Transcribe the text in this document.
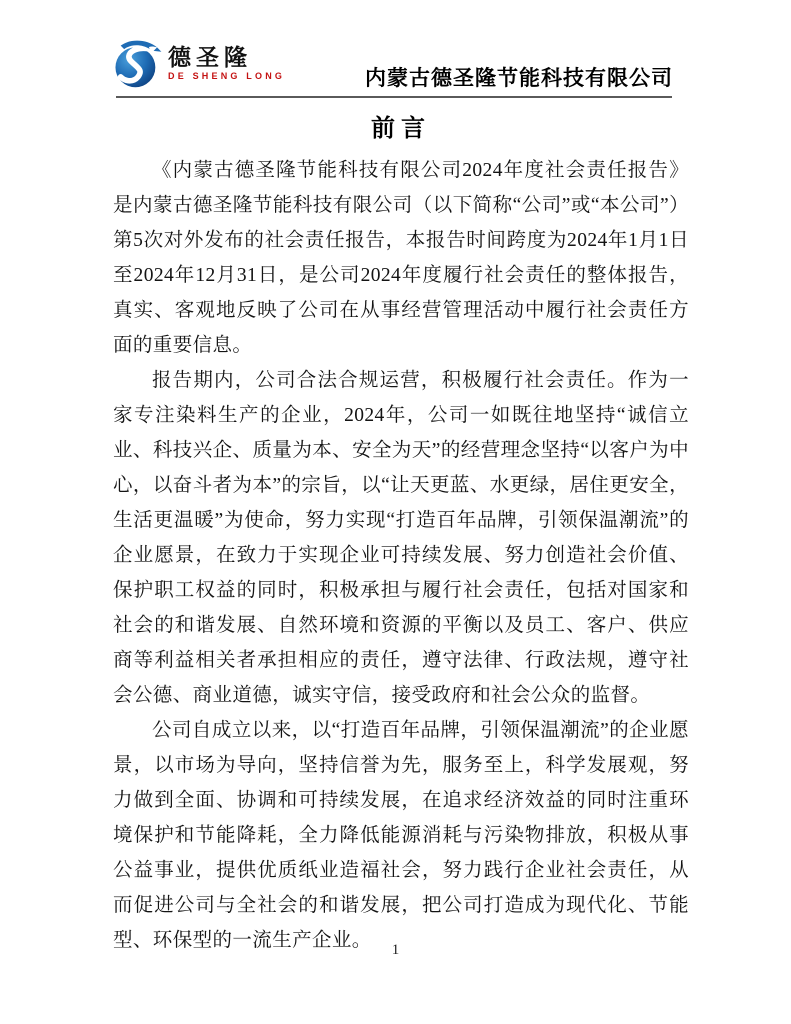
德圣隆
DE SHENG LONG	内蒙古德圣隆节能科技有限公司
前言

《内蒙古德圣隆节能科技有限公司2024年度社会责任报告》是内蒙古德圣隆节能科技有限公司（以下简称“公司”或“本公司”）第5次对外发布的社会责任报告，本报告时间跨度为2024年1月1日至2024年12月31日，是公司2024年度履行社会责任的整体报告，真实、客观地反映了公司在从事经营管理活动中履行社会责任方面的重要信息。

报告期内，公司合法合规运营，积极履行社会责任。作为一家专注染料生产的企业，2024年，公司一如既往地坚持“诚信立业、科技兴企、质量为本、安全为天”的经营理念坚持“以客户为中心，以奋斗者为本”的宗旨，以“让天更蓝、水更绿，居住更安全，生活更温暖”为使命，努力实现“打造百年品牌，引领保温潮流”的企业愿景，在致力于实现企业可持续发展、努力创造社会价值、保护职工权益的同时，积极承担与履行社会责任，包括对国家和社会的和谐发展、自然环境和资源的平衡以及员工、客户、供应商等利益相关者承担相应的责任，遵守法律、行政法规，遵守社会公德、商业道德，诚实守信，接受政府和社会公众的监督。

公司自成立以来，以“打造百年品牌，引领保温潮流”的企业愿景，以市场为导向，坚持信誉为先，服务至上，科学发展观，努力做到全面、协调和可持续发展，在追求经济效益的同时注重环境保护和节能降耗，全力降低能源消耗与污染物排放，积极从事公益事业，提供优质纸业造福社会，努力践行企业社会责任，从而促进公司与全社会的和谐发展，把公司打造成为现代化、节能型、环保型的一流生产企业。	1
